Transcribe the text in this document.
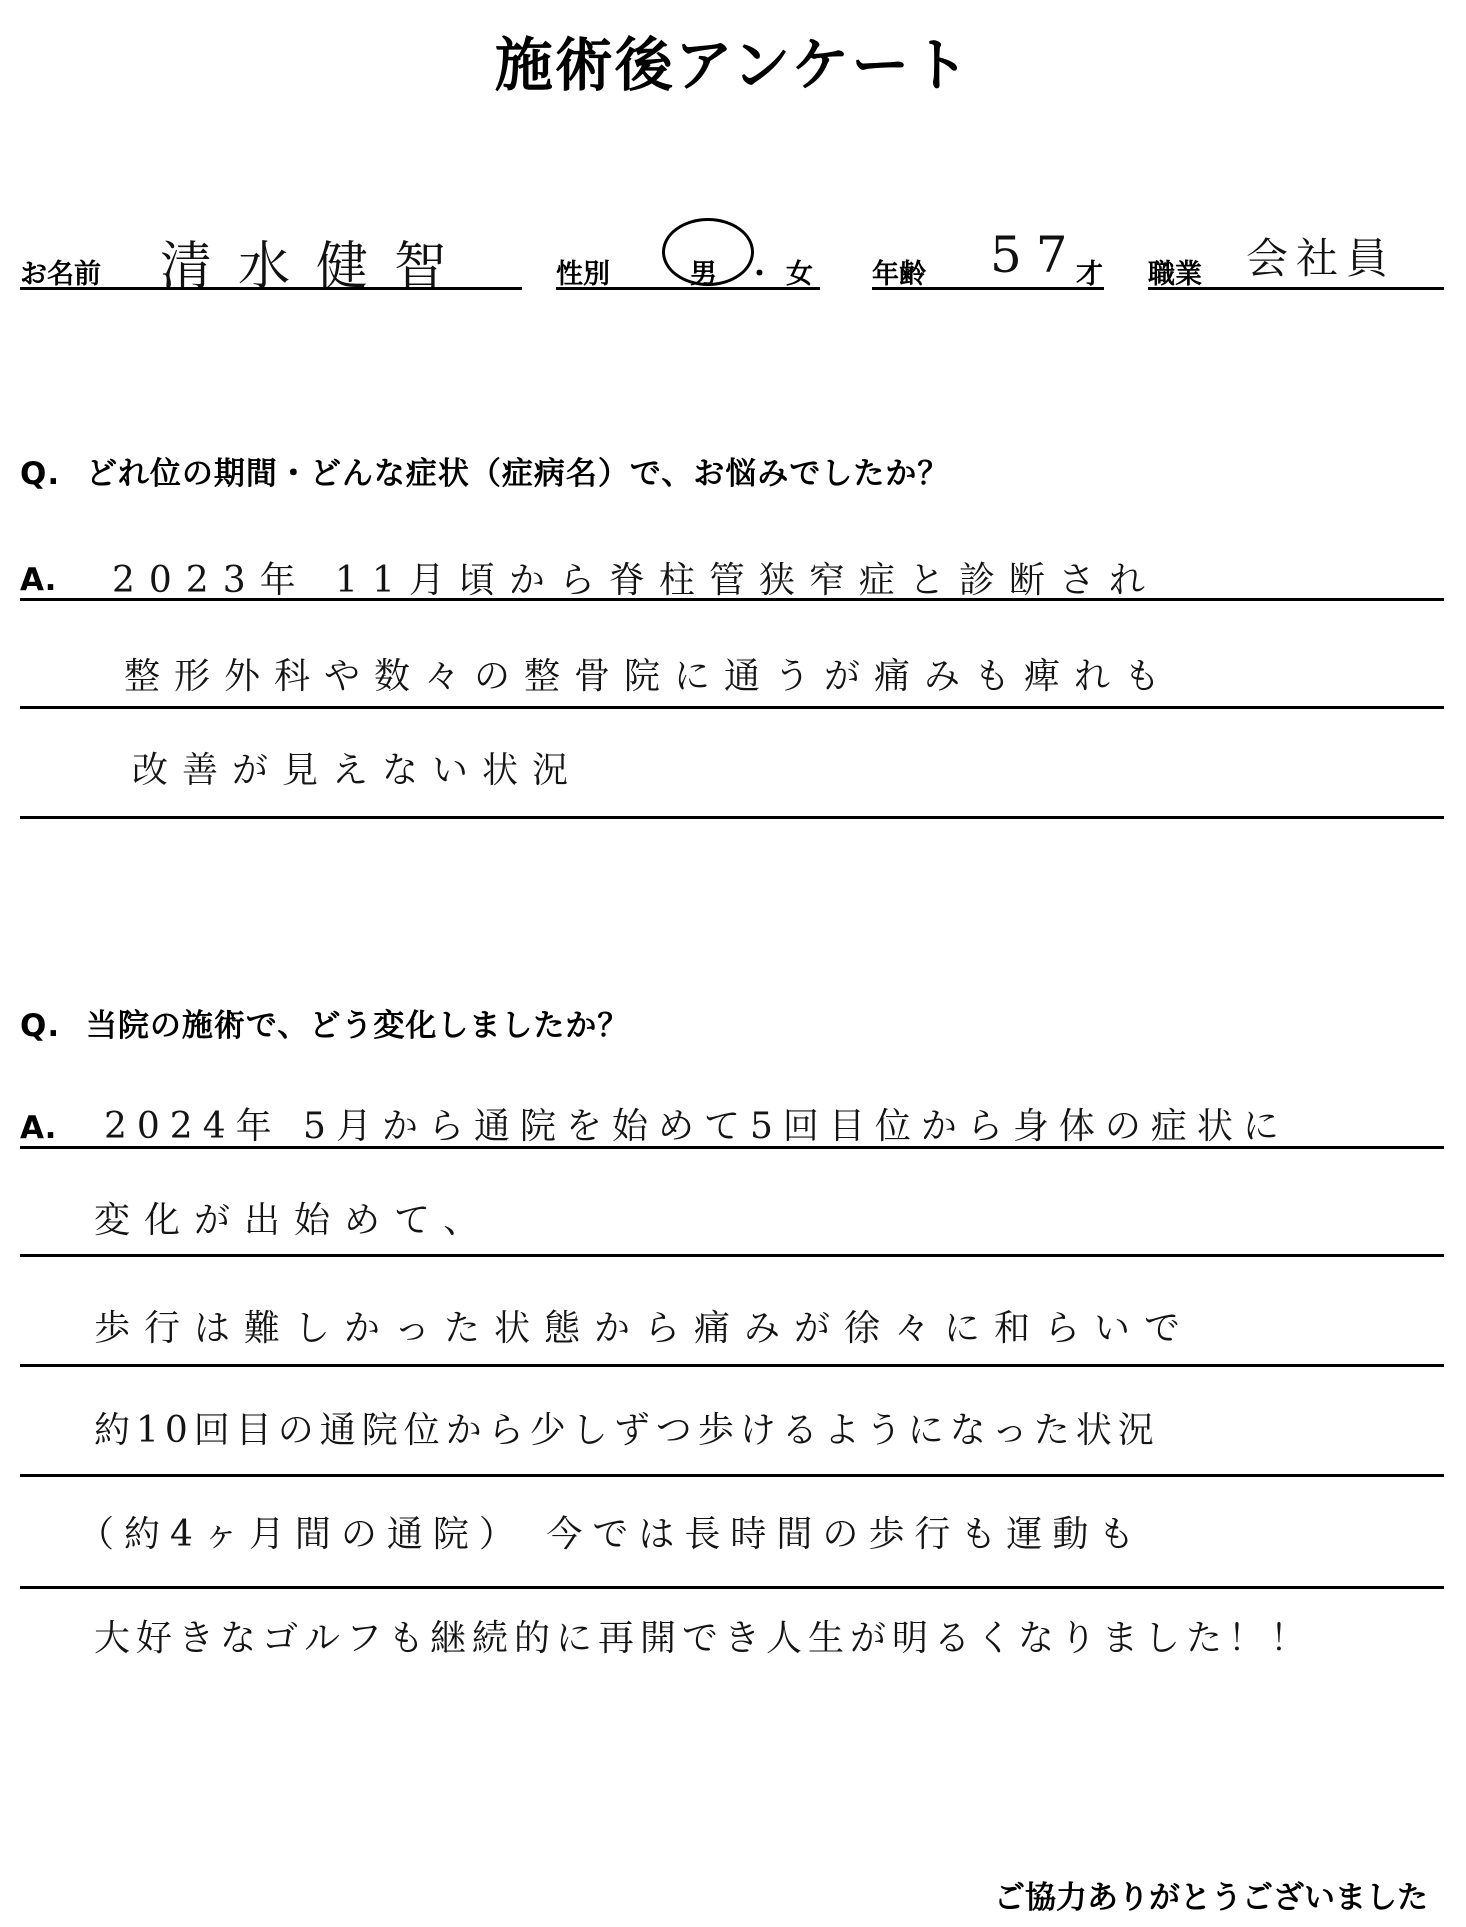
施術後アンケート
お名前 清水健智	性別	男 ・ 女 年齢 57
才 職業 会社員
Q. どれ位の期間・どんな症状（症病名）で、お悩みでしたか？
A. 2023年 11月頃から脊柱管狭窄症と診断され
整形外科や数々の整骨院に通うが痛みも痺れも
改善が見えない状況
Q. 当院の施術で、どう変化しましたか？
A. 2024年 5月から通院を始めて5回目位から身体の症状に
変化が出始めて、
歩行は難しかった状態から痛みが徐々に和らいで
約10回目の通院位から少しずつ歩けるようになった状況
（約4ヶ月間の通院） 今では長時間の歩行も運動も
大好きなゴルフも継続的に再開でき人生が明るくなりました！！
ご協力ありがとうございました
